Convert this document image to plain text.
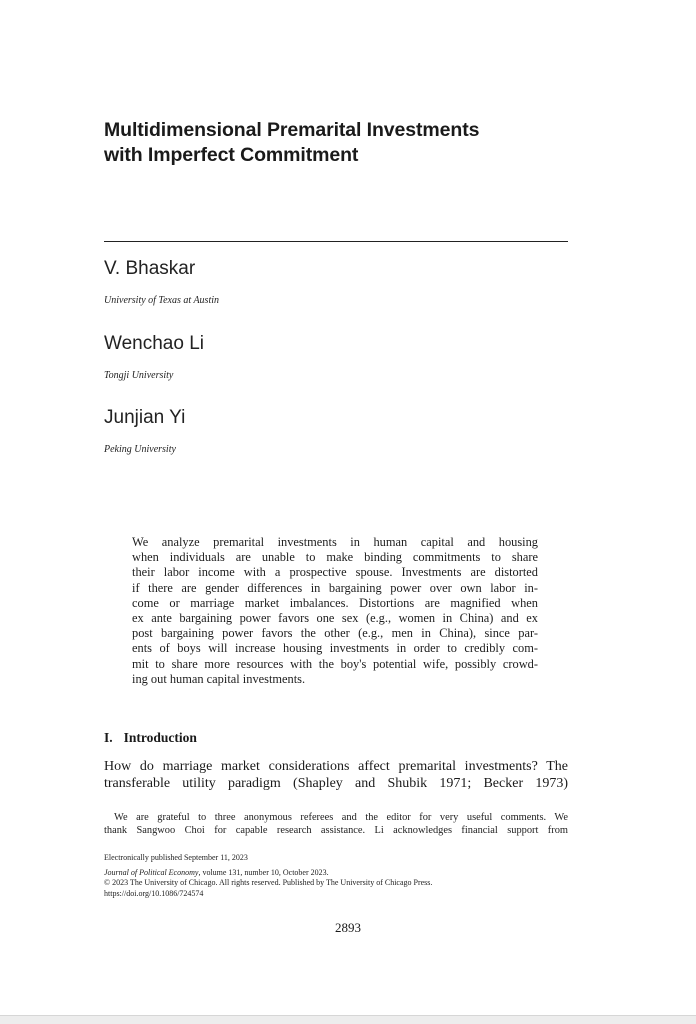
Multidimensional Premarital Investments
with Imperfect Commitment
V. Bhaskar
University of Texas at Austin
Wenchao Li
Tongji University
Junjian Yi
Peking University
We analyze premarital investments in human capital and housing
when individuals are unable to make binding commitments to share
their labor income with a prospective spouse. Investments are distorted
if there are gender differences in bargaining power over own labor in-
come or marriage market imbalances. Distortions are magnified when
ex ante bargaining power favors one sex (e.g., women in China) and ex
post bargaining power favors the other (e.g., men in China), since par-
ents of boys will increase housing investments in order to credibly com-
mit to share more resources with the boy's potential wife, possibly crowd-
ing out human capital investments.
I. Introduction
How do marriage market considerations affect premarital investments? The
transferable utility paradigm (Shapley and Shubik 1971; Becker 1973)
We are grateful to three anonymous referees and the editor for very useful comments. We
thank Sangwoo Choi for capable research assistance. Li acknowledges financial support from
Electronically published September 11, 2023
Journal of Political Economy, volume 131, number 10, October 2023.
© 2023 The University of Chicago. All rights reserved. Published by The University of Chicago Press.
https://doi.org/10.1086/724574
2893
